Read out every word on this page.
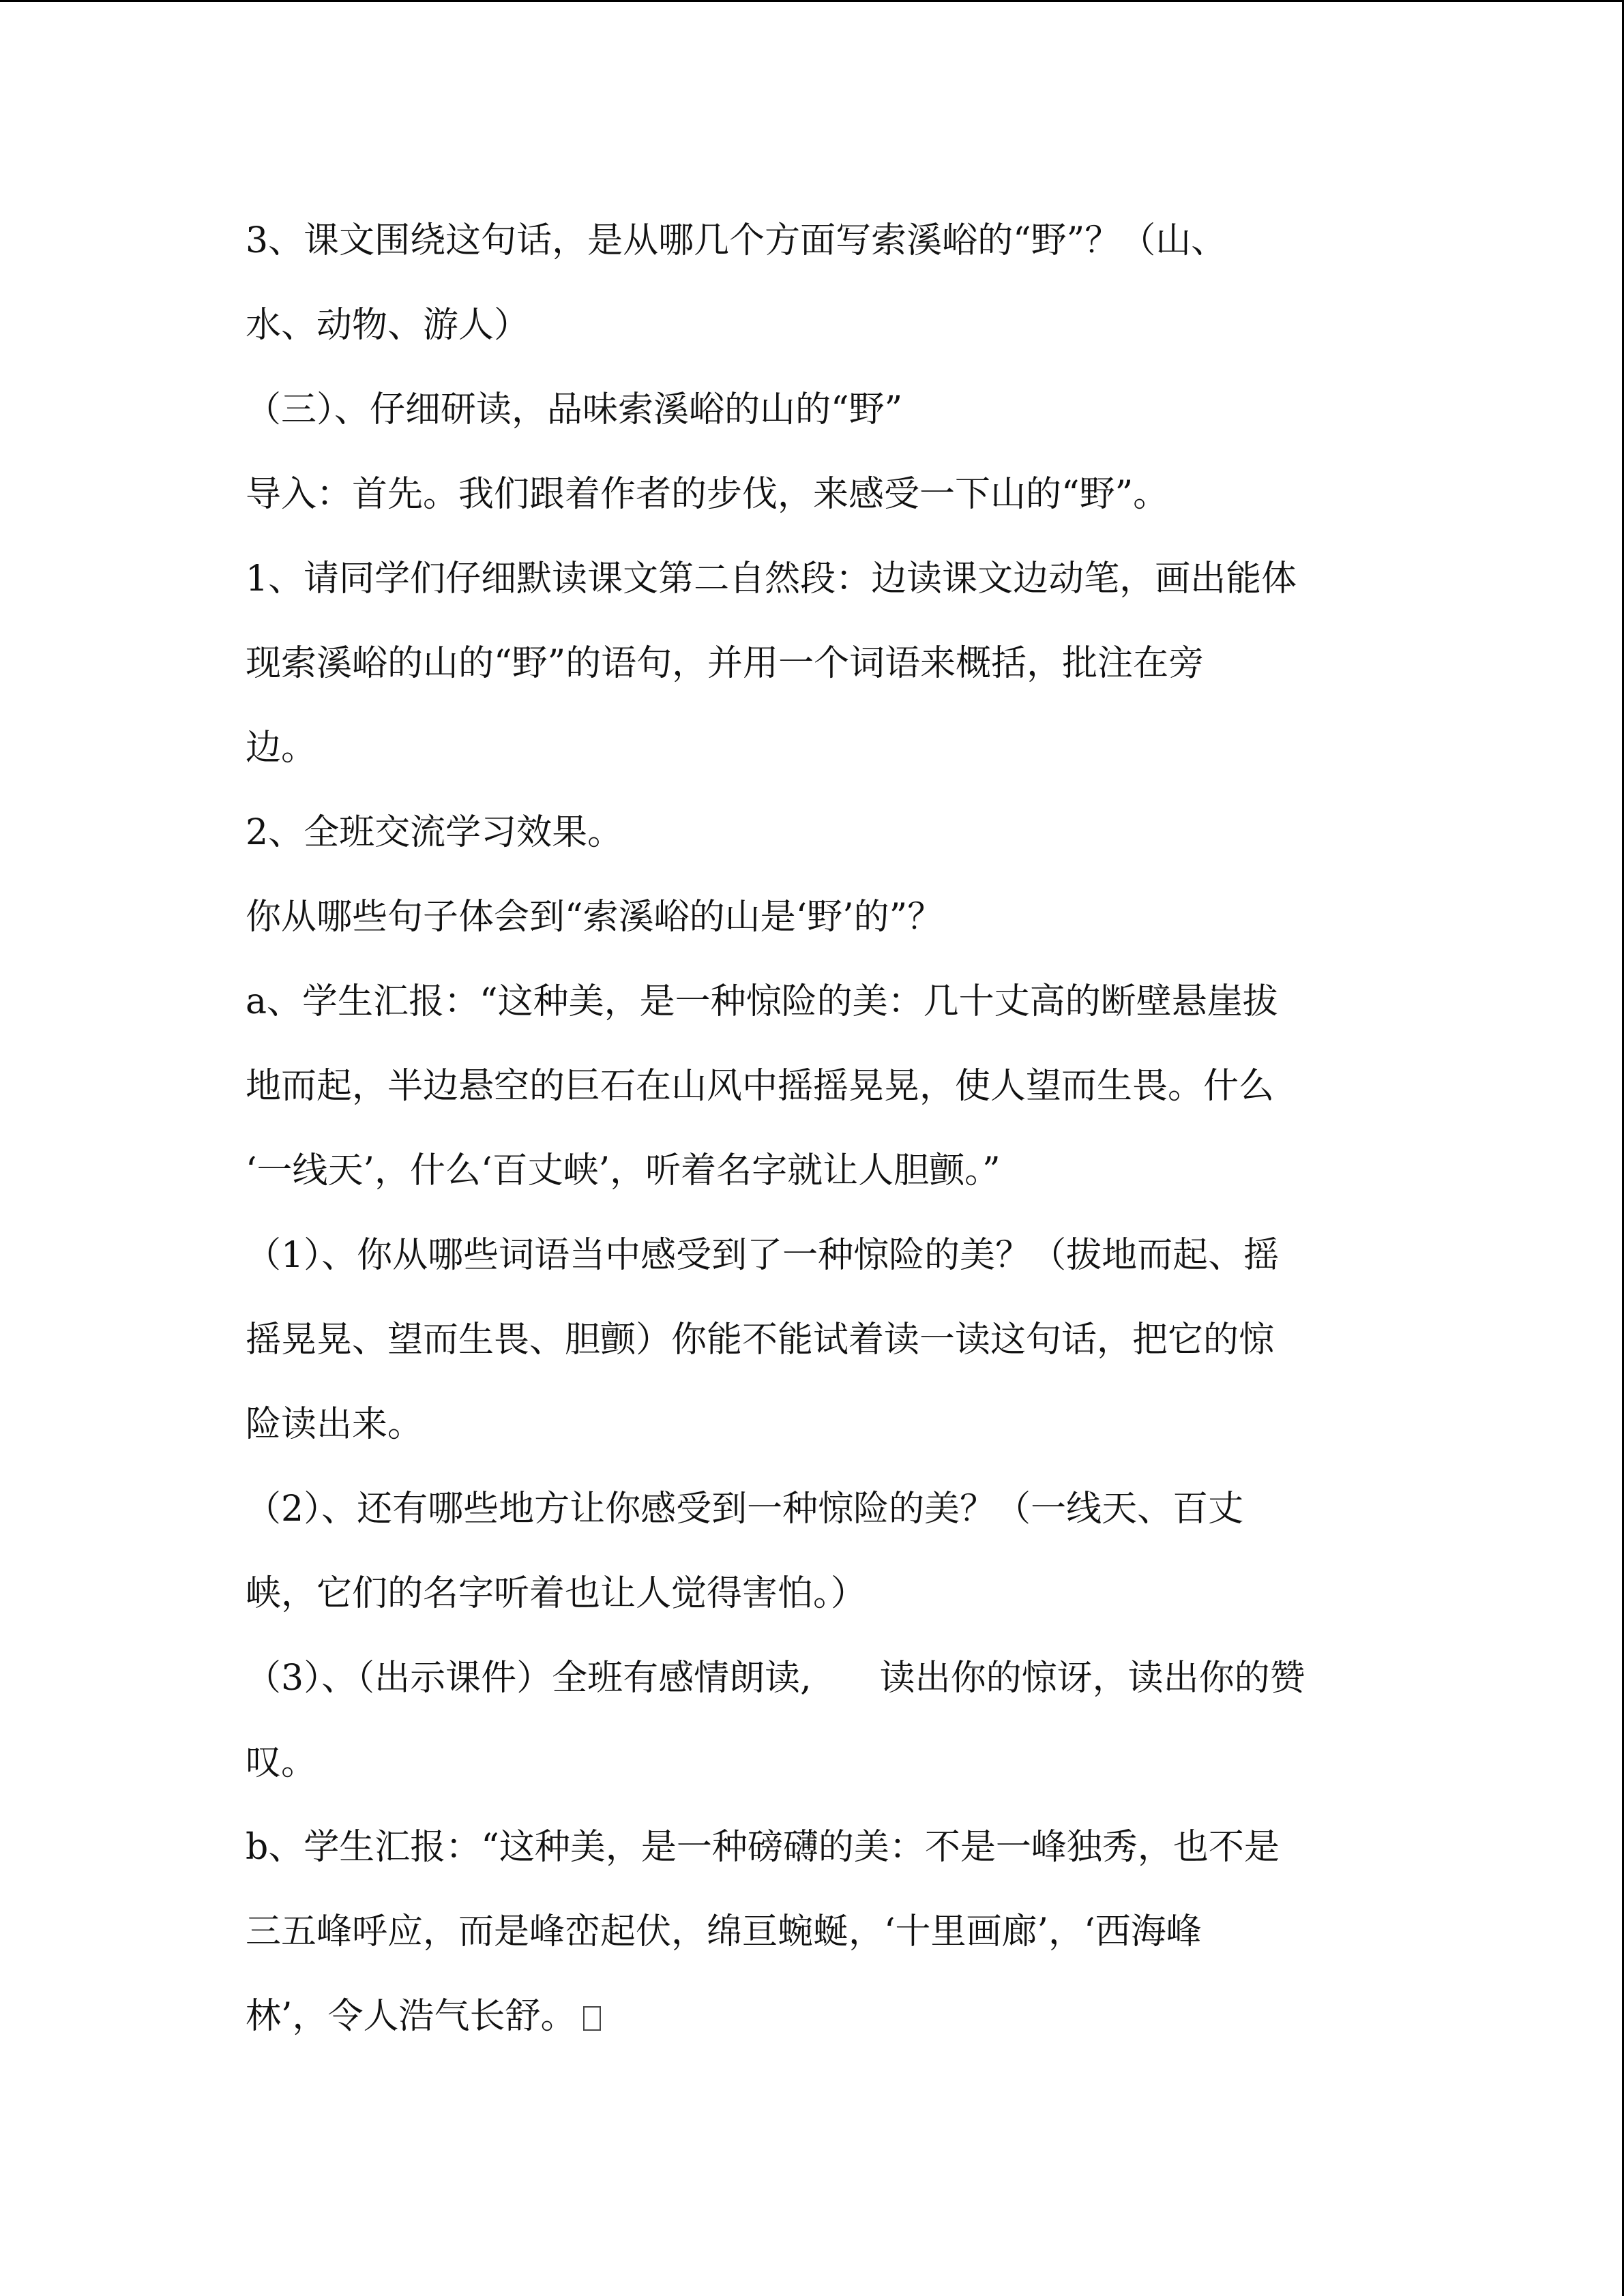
3、课文围绕这句话，是从哪几个方面写索溪峪的“野”？（山、
水、动物、游人）
（三）、仔细研读，品味索溪峪的山的“野”
导入：首先。我们跟着作者的步伐，来感受一下山的“野”。
1、请同学们仔细默读课文第二自然段：边读课文边动笔，画出能体
现索溪峪的山的“野”的语句，并用一个词语来概括，批注在旁
边。
2、全班交流学习效果。
你从哪些句子体会到“索溪峪的山是‘野’的”？
a、学生汇报：“这种美，是一种惊险的美：几十丈高的断壁悬崖拔
地而起，半边悬空的巨石在山风中摇摇晃晃，使人望而生畏。什么
‘一线天’，什么‘百丈峡’，听着名字就让人胆颤。”
（1）、你从哪些词语当中感受到了一种惊险的美？（拔地而起、摇
摇晃晃、望而生畏、胆颤）你能不能试着读一读这句话，把它的惊
险读出来。
（2）、还有哪些地方让你感受到一种惊险的美？（一线天、百丈
峡，它们的名字听着也让人觉得害怕。）
（3）、（出示课件）全班有感情朗读, 读出你的惊讶，读出你的赞
叹。
b、学生汇报：“这种美，是一种磅礴的美：不是一峰独秀，也不是
三五峰呼应，而是峰峦起伏，绵亘蜿蜒，‘十里画廊’，‘西海峰
林’，令人浩气长舒。
